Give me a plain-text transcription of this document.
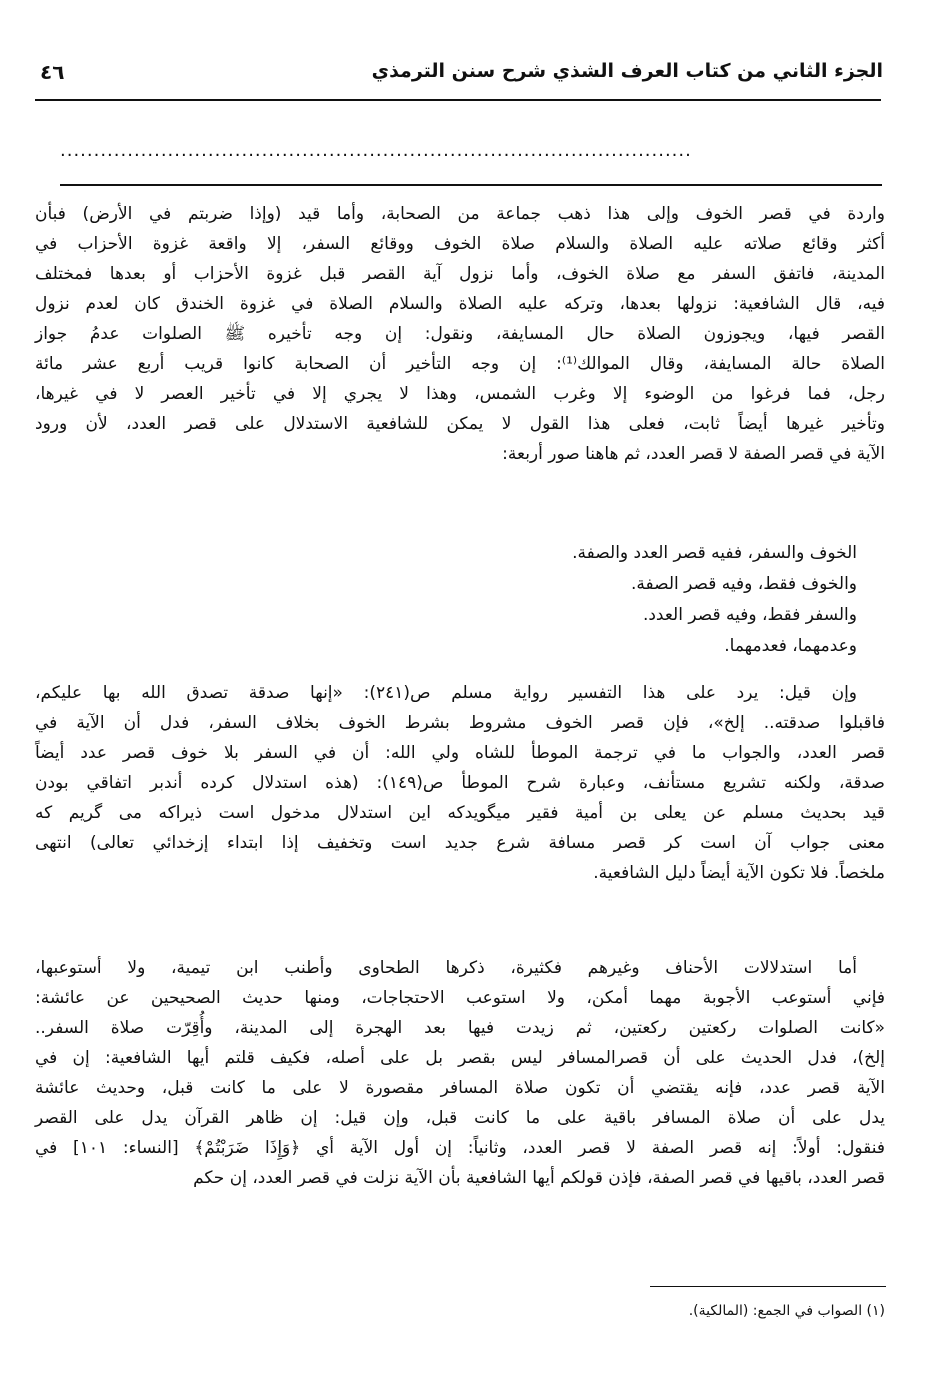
٤٦	الجزء الثاني من كتاب العرف الشذي شرح سنن الترمذي
..............................................................................................
واردة في قصر الخوف وإلى هذا ذهب جماعة من الصحابة، وأما قيد (وإذا ضربتم في الأرض) فبأن
أكثر وقائع صلاته عليه الصلاة والسلام صلاة الخوف ووقائع السفر، إلا واقعة غزوة الأحزاب في
المدينة، فاتفق السفر مع صلاة الخوف، وأما نزول آية القصر قبل غزوة الأحزاب أو بعدها فمختلف
فيه، قال الشافعية: نزولها بعدها، وتركه عليه الصلاة والسلام الصلاة في غزوة الخندق كان لعدم نزول
القصر فيها، ويجوزون الصلاة حال المسايفة، ونقول: إن وجه تأخيره ﷺ الصلوات عدمُ جواز
الصلاة حالة المسايفة، وقال الموالك⁽¹⁾: إن وجه التأخير أن الصحابة كانوا قريب أربع عشر مائة
رجل، فما فرغوا من الوضوء إلا وغرب الشمس، وهذا لا يجري إلا في تأخير العصر لا في غيرها،
وتأخير غيرها أيضاً ثابت، فعلى هذا القول لا يمكن للشافعية الاستدلال على قصر العدد، لأن ورود
الآية في قصر الصفة لا قصر العدد، ثم هاهنا صور أربعة:
الخوف والسفر، ففيه قصر العدد والصفة.
والخوف فقط، وفيه قصر الصفة.
والسفر فقط، وفيه قصر العدد.
وعدمهما، فعدمهما.
وإن قيل: يرد على هذا التفسير رواية مسلم ص(٢٤١): «إنها صدقة تصدق الله بها عليكم،
فاقبلوا صدقته.. إلخ»، فإن قصر الخوف مشروط بشرط الخوف بخلاف السفر، فدل أن الآية في
قصر العدد، والجواب ما في ترجمة الموطأ للشاه ولي الله: أن في السفر بلا خوف قصر عدد أيضاً
صدقة، ولكنه تشريع مستأنف، وعبارة شرح الموطأ ص(١٤٩): (هذه استدلال كرده أندبر اتفاقي بودن
قيد بحديث مسلم عن يعلى بن أمية فقير ميگويدكه اين استدلال مدخول است ذيراكه مى گريم كه
معنى جواب آن است كر قصر مسافة شرع جديد است وتخفيف إذا ابتداء إزخدائي تعالى) انتهى
ملخصاً. فلا تكون الآية أيضاً دليل الشافعية.
أما استدلالات الأحناف وغيرهم فكثيرة، ذكرها الطحاوى وأطنب ابن تيمية، ولا أستوعبها،
فإني أستوعب الأجوبة مهما أمكن، ولا استوعب الاحتجاجات، ومنها حديث الصحيحين عن عائشة:
«كانت الصلوات ركعتين ركعتين، ثم زيدت فيها بعد الهجرة إلى المدينة، وأُقِرّت صلاة السفر..
إلخ)، فدل الحديث على أن قصرالمسافر ليس بقصر بل على أصله، فكيف قلتم أيها الشافعية: إن في
الآية قصر عدد، فإنه يقتضي أن تكون صلاة المسافر مقصورة لا على ما كانت قبل، وحديث عائشة
يدل على أن صلاة المسافر باقية على ما كانت قبل، وإن قيل: إن ظاهر القرآن يدل على القصر
فنقول: أولاً: إنه قصر الصفة لا قصر العدد، وثانياً: إن أول الآية أي ﴿وَإِذَا ضَرَبْتُمْ﴾ [النساء: ١٠١] في
قصر العدد، باقيها في قصر الصفة، فإذن قولكم أيها الشافعية بأن الآية نزلت في قصر العدد، إن حكم
(١) الصواب في الجمع: (المالكية).
